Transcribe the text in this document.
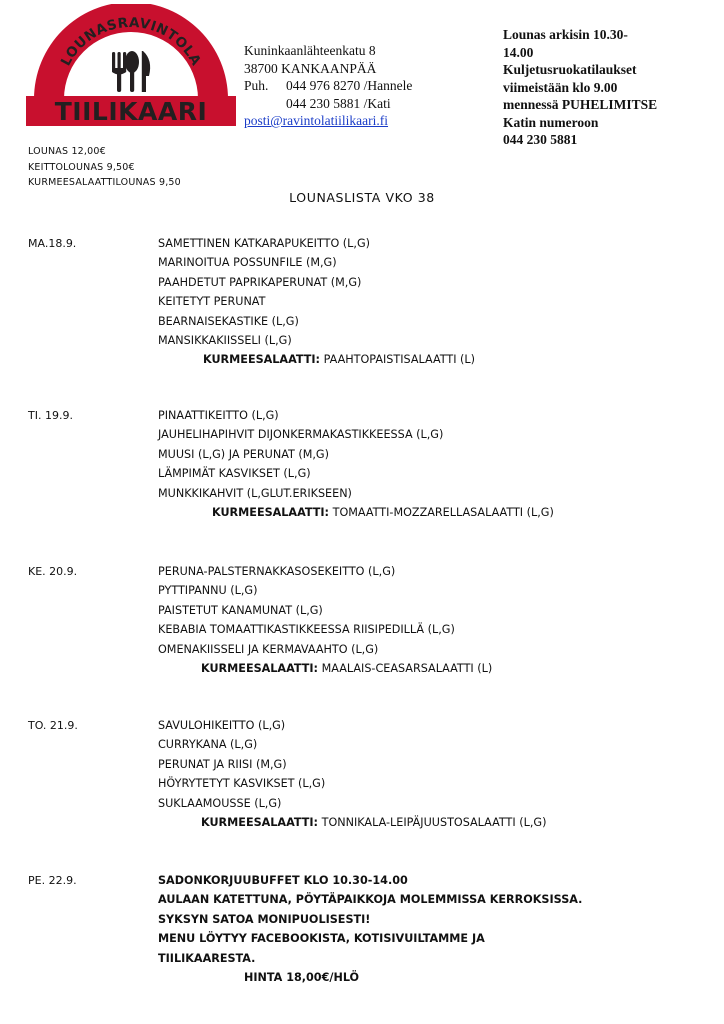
LOUNASRAVINTOLA
TIILIKAARI
Kuninkaanlähteenkatu 8
38700 KANKAANPÄÄ
Puh. 044 976 8270 /Hannele
044 230 5881 /Kati
posti@ravintolatiilikaari.fi
Lounas arkisin 10.30-
14.00
Kuljetusruokatilaukset
viimeistään klo 9.00
mennessä PUHELIMITSE
Katin numeroon
044 230 5881
LOUNAS 12,00€
KEITTOLOUNAS 9,50€
KURMEESALAATTILOUNAS 9,50
LOUNASLISTA VKO 38
MA.18.9.	SAMETTINEN KATKARAPUKEITTO (L,G)
MARINOITUA POSSUNFILE (M,G)
PAAHDETUT PAPRIKAPERUNAT (M,G)
KEITETYT PERUNAT
BEARNAISEKASTIKE (L,G)
MANSIKKAKIISSELI (L,G)
KURMEESALAATTI: PAAHTOPAISTISALAATTI (L)
TI. 19.9.	PINAATTIKEITTO (L,G)
JAUHELIHAPIHVIT DIJONKERMAKASTIKKEESSA (L,G)
MUUSI (L,G) JA PERUNAT (M,G)
LÄMPIMÄT KASVIKSET (L,G)
MUNKKIKAHVIT (L,GLUT.ERIKSEEN)
KURMEESALAATTI: TOMAATTI-MOZZARELLASALAATTI (L,G)
KE. 20.9.	PERUNA-PALSTERNAKKASOSEKEITTO (L,G)
PYTTIPANNU (L,G)
PAISTETUT KANAMUNAT (L,G)
KEBABIA TOMAATTIKASTIKKEESSA RIISIPEDILLÄ (L,G)
OMENAKIISSELI JA KERMAVAAHTO (L,G)
KURMEESALAATTI: MAALAIS-CEASARSALAATTI (L)
TO. 21.9.	SAVULOHIKEITTO (L,G)
CURRYKANA (L,G)
PERUNAT JA RIISI (M,G)
HÖYRYTETYT KASVIKSET (L,G)
SUKLAAMOUSSE (L,G)
KURMEESALAATTI: TONNIKALA-LEIPÄJUUSTOSALAATTI (L,G)
PE. 22.9.	SADONKORJUUBUFFET KLO 10.30-14.00
AULAAN KATETTUNA, PÖYTÄPAIKKOJA MOLEMMISSA KERROKSISSA.
SYKSYN SATOA MONIPUOLISESTI!
MENU LÖYTYY FACEBOOKISTA, KOTISIVUILTAMME JA
TIILIKAARESTA.
HINTA 18,00€/HLÖ
